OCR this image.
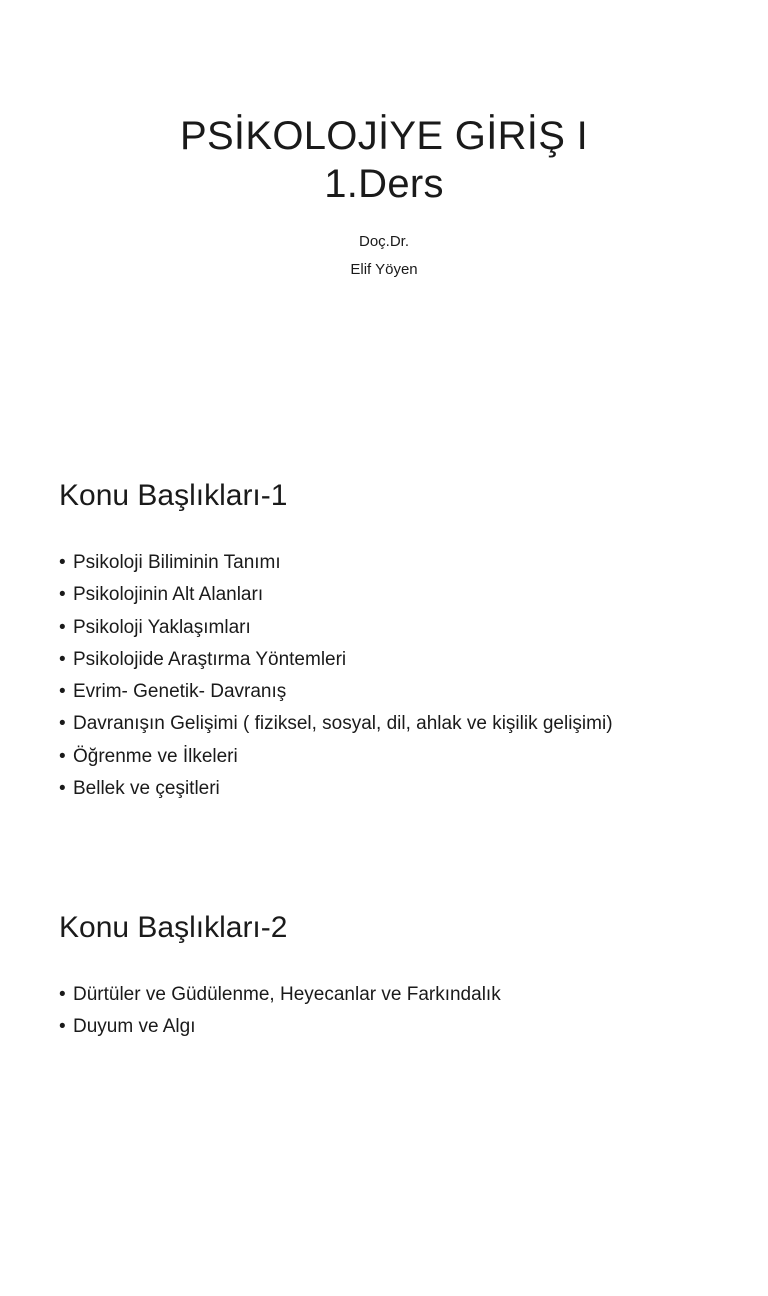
PSİKOLOJİYE GİRİŞ I
1.Ders
Doç.Dr.
Elif Yöyen
Konu Başlıkları-1
• Psikoloji Biliminin Tanımı
• Psikolojinin Alt Alanları
• Psikoloji Yaklaşımları
• Psikolojide Araştırma Yöntemleri
• Evrim- Genetik- Davranış
• Davranışın Gelişimi ( fiziksel, sosyal, dil, ahlak ve kişilik gelişimi)
• Öğrenme ve İlkeleri
• Bellek ve çeşitleri
Konu Başlıkları-2
• Dürtüler ve Güdülenme, Heyecanlar ve Farkındalık
• Duyum ve Algı
